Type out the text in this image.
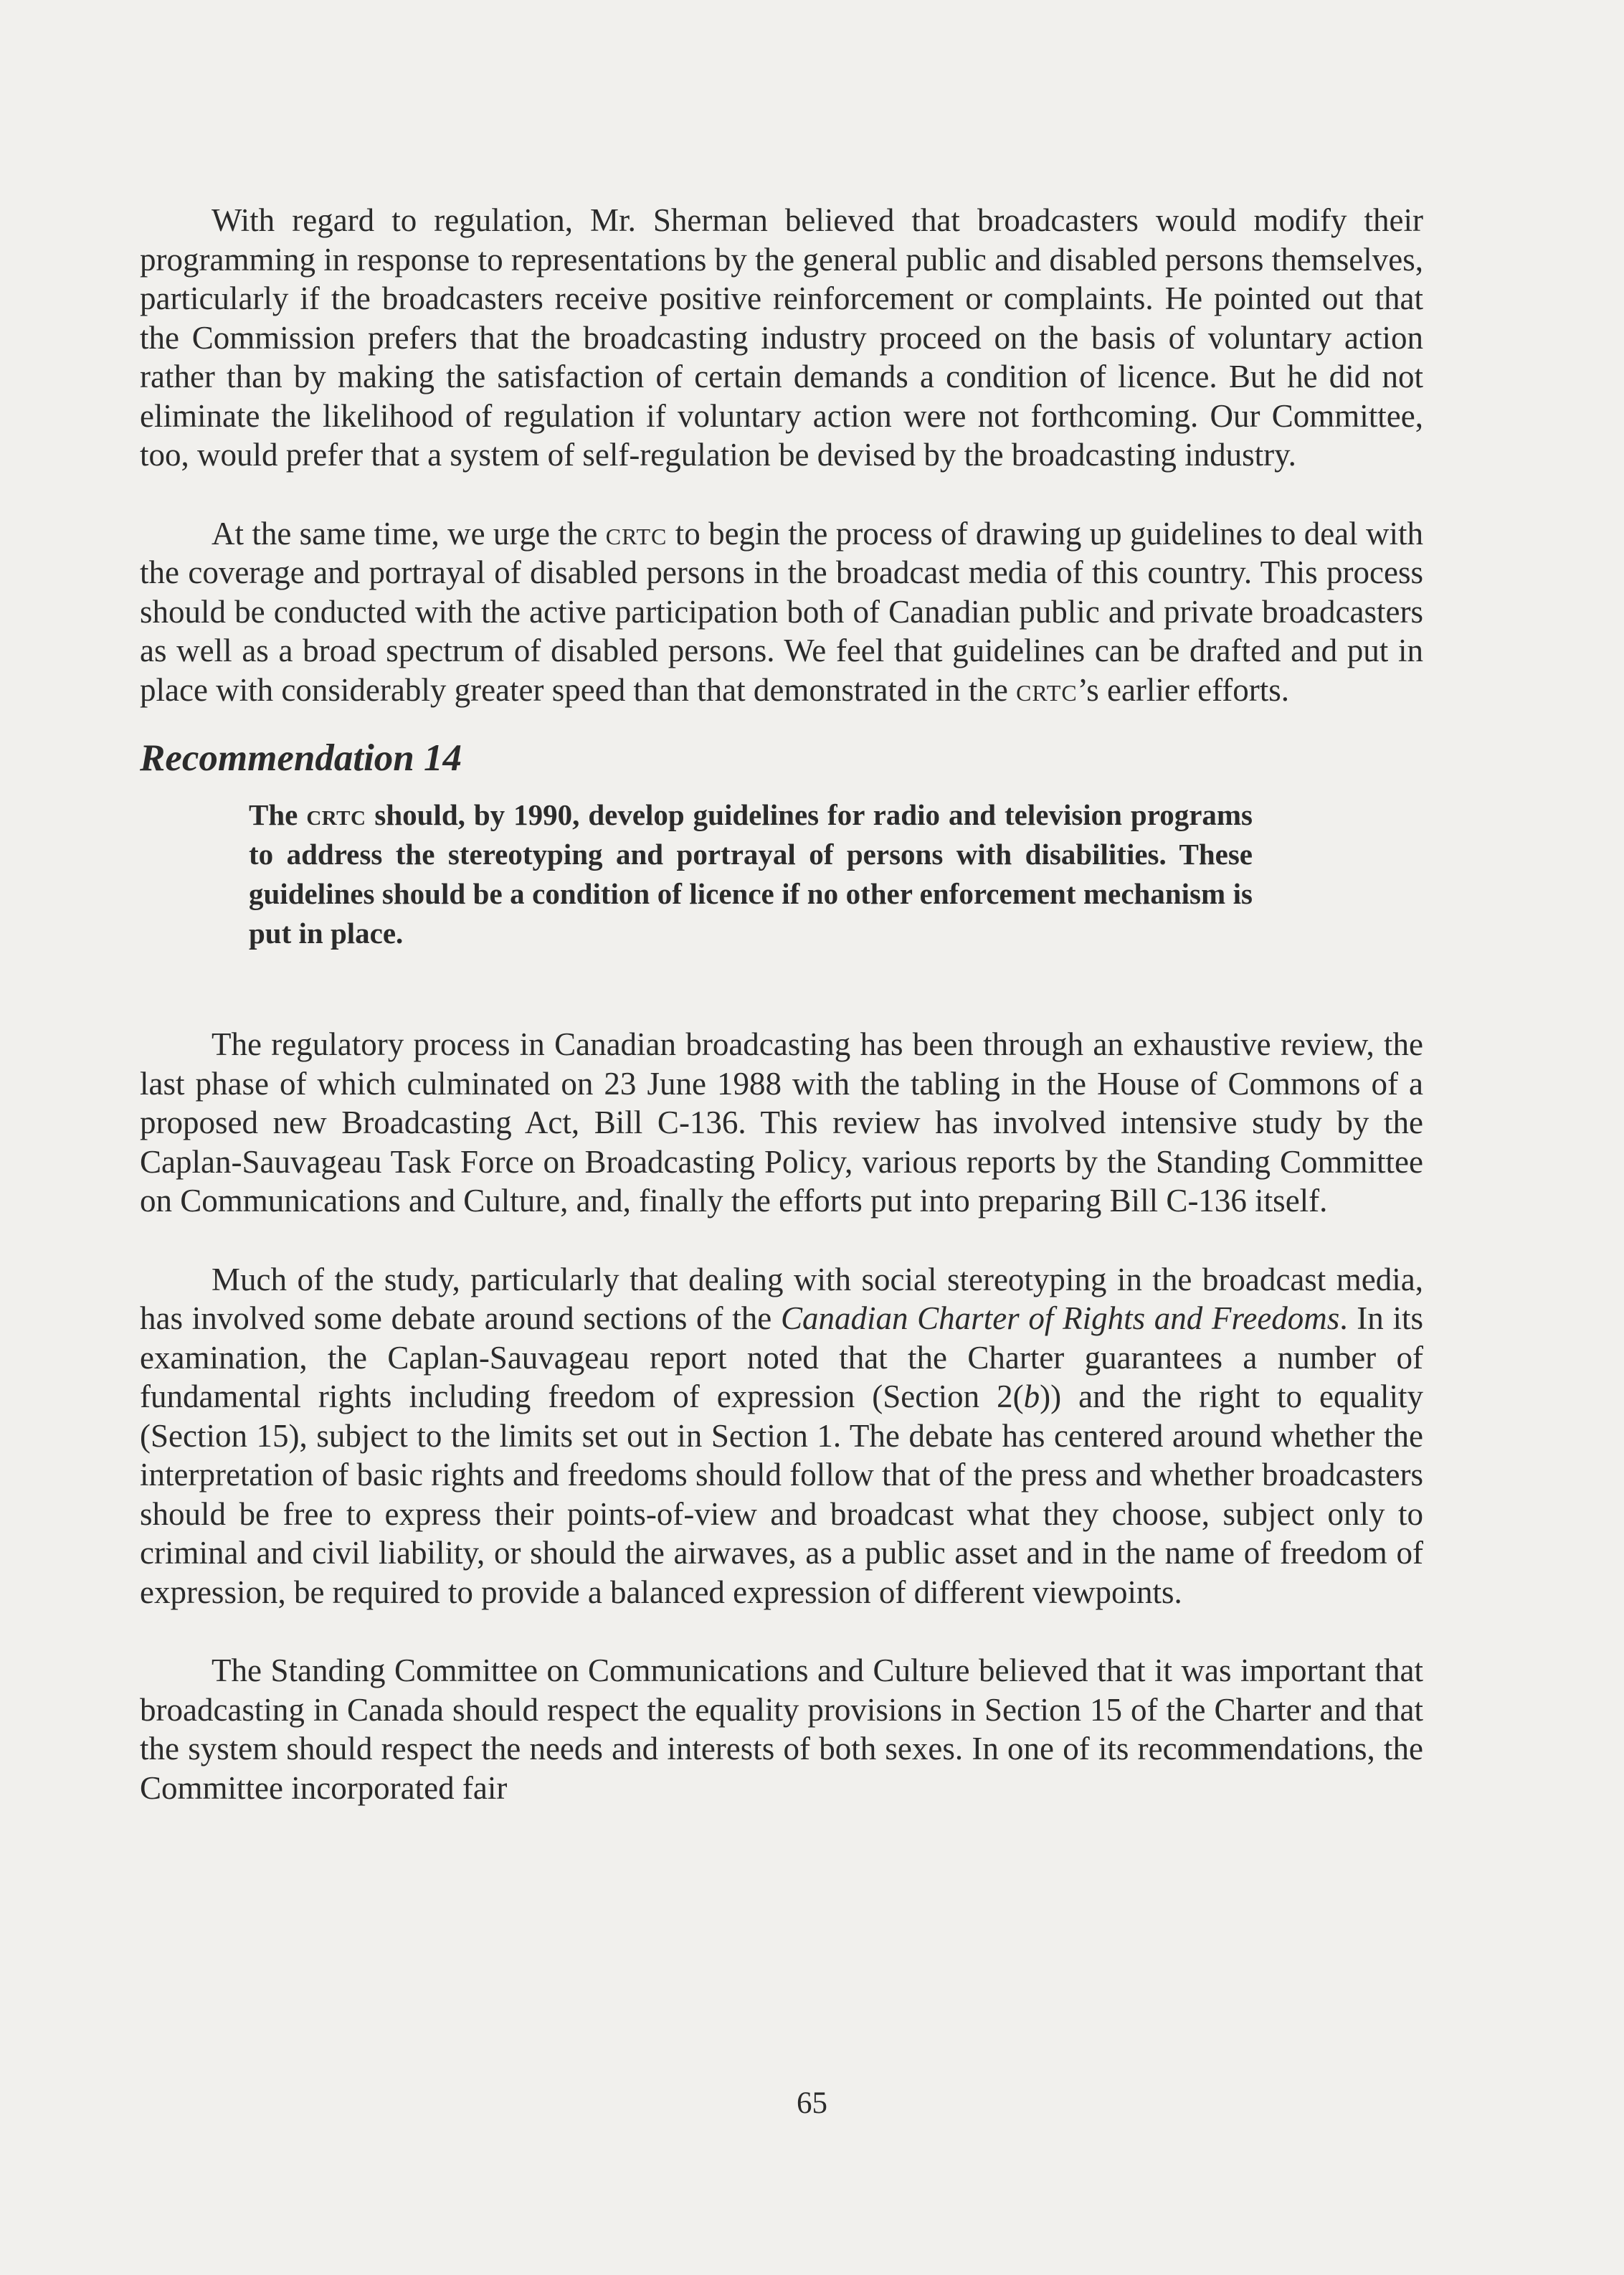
With regard to regulation, Mr. Sherman believed that broadcasters would modify their programming in response to representations by the general public and disabled persons themselves, particularly if the broadcasters receive positive reinforcement or complaints. He pointed out that the Commission prefers that the broadcasting industry proceed on the basis of voluntary action rather than by making the satisfaction of certain demands a condition of licence. But he did not eliminate the likelihood of regulation if voluntary action were not forthcoming. Our Committee, too, would prefer that a system of self-regulation be devised by the broadcasting industry.

At the same time, we urge the crtc to begin the process of drawing up guidelines to deal with the coverage and portrayal of disabled persons in the broadcast media of this country. This process should be conducted with the active participation both of Canadian public and private broadcasters as well as a broad spectrum of disabled persons. We feel that guidelines can be drafted and put in place with considerably greater speed than that demonstrated in the crtc’s earlier efforts.

Recommendation 14
The crtc should, by 1990, develop guidelines for radio and television programs to address the stereotyping and portrayal of persons with disabilities. These guidelines should be a condition of licence if no other enforcement mechanism is put in place.

The regulatory process in Canadian broadcasting has been through an exhaustive review, the last phase of which culminated on 23 June 1988 with the tabling in the House of Commons of a proposed new Broadcasting Act, Bill C-136. This review has involved intensive study by the Caplan-Sauvageau Task Force on Broadcasting Policy, various reports by the Standing Committee on Communications and Culture, and, finally the efforts put into preparing Bill C-136 itself.

Much of the study, particularly that dealing with social stereotyping in the broadcast media, has involved some debate around sections of the Canadian Charter of Rights and Freedoms. In its examination, the Caplan-Sauvageau report noted that the Charter guarantees a number of fundamental rights including freedom of expression (Section 2(b)) and the right to equality (Section 15), subject to the limits set out in Section 1. The debate has centered around whether the interpretation of basic rights and freedoms should follow that of the press and whether broadcasters should be free to express their points-of-view and broadcast what they choose, subject only to criminal and civil liability, or should the airwaves, as a public asset and in the name of freedom of expression, be required to provide a balanced expression of different viewpoints.

The Standing Committee on Communications and Culture believed that it was important that broadcasting in Canada should respect the equality provisions in Section 15 of the Charter and that the system should respect the needs and interests of both sexes. In one of its recommendations, the Committee incorporated fair

65
